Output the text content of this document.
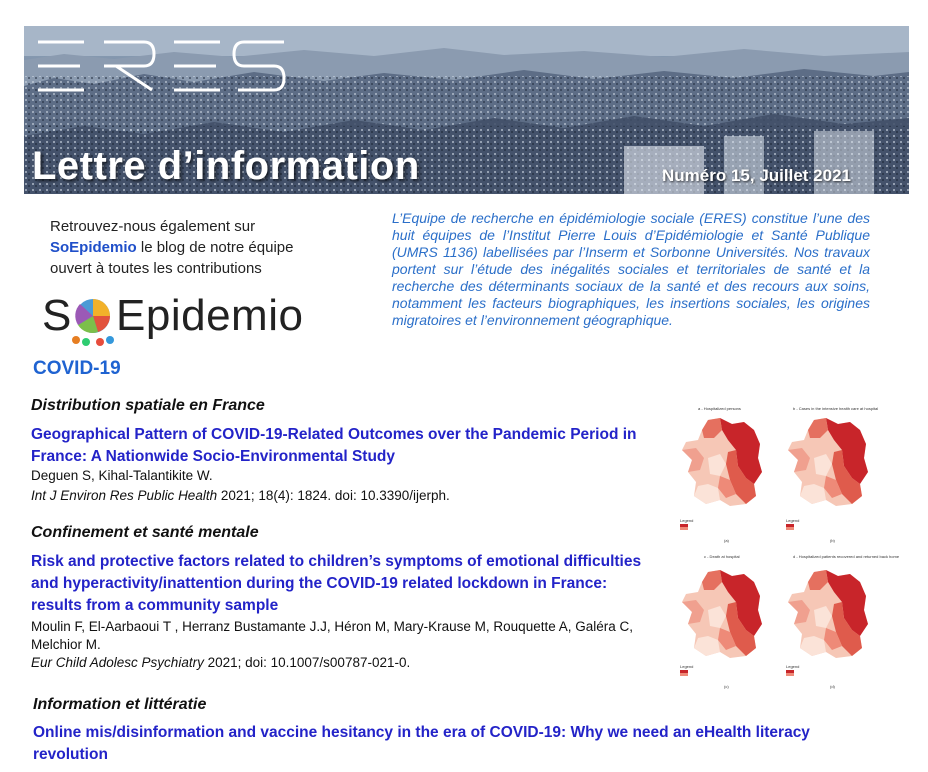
Lettre d’information	Numéro 15, Juillet 2021
Retrouvez-nous également sur
SoEpidemio le blog de notre équipe
ouvert à toutes les contributions
S Epidemio
L’Equipe de recherche en épidémiologie sociale (ERES) constitue l’une des huit équipes de l’Institut Pierre Louis d’Epidémiologie et Santé Publique (UMRS 1136) labellisées par l’Inserm et Sorbonne Universités. Nos travaux portent sur l’étude des inégalités sociales et territoriales de santé et la recherche des déterminants sociaux de la santé et des recours aux soins, notamment les facteurs biographiques, les insertions sociales, les origines migratoires et l’environnement géographique.
COVID-19
Distribution spatiale en France
Geographical Pattern of COVID-19-Related Outcomes over the Pandemic Period in France: A Nationwide Socio-Environmental Study
Deguen S, Kihal-Talantikite W.
Int J Environ Res Public Health 2021; 18(4): 1824. doi: 10.3390/ijerph.
Confinement et santé mentale
Risk and protective factors related to children’s symptoms of emotional difficulties and hyperactivity/inattention during the COVID-19 related lockdown in France: results from a community sample
Moulin F, El-Aarbaoui T , Herranz Bustamante J.J, Héron M, Mary-Krause M, Rouquette A, Galéra C,
Melchior M.
Eur Child Adolesc Psychiatry 2021; doi: 10.1007/s00787-021-0.
Information et littératie
Online mis/disinformation and vaccine hesitancy in the era of COVID-19: Why we need an eHealth literacy revolution
a - Hospitalized persons	b - Cases in the intensive health care at hospital
Legend	Legend
(a)	(b)
c - Death at hospital	d - Hospitalized patients recovered and returned back home
Legend	Legend
(c)	(d)
